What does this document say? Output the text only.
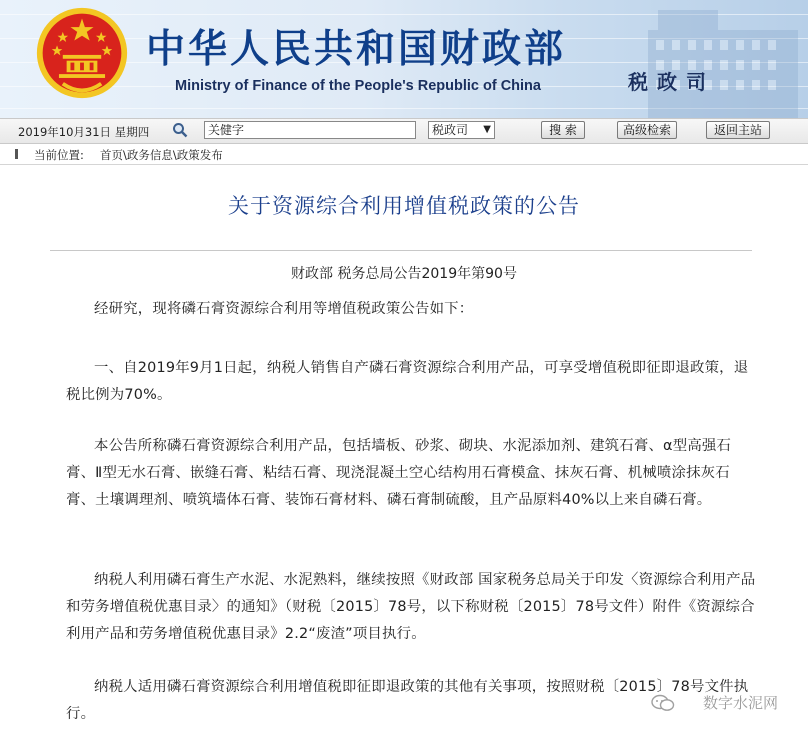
中华人民共和国财政部
Ministry of Finance of the People's Republic of China	税政司
2019年10月31日 星期四	关健字	税政司 ▼	搜 索	高级检索	返回主站
当前位置: 首页\政务信息\政策发布
关于资源综合利用增值税政策的公告
财政部 税务总局公告2019年第90号

经研究，现将磷石膏资源综合利用等增值税政策公告如下：

一、自2019年9月1日起，纳税人销售自产磷石膏资源综合利用产品，可享受增值税即征即退政策，退税比例为70%。

本公告所称磷石膏资源综合利用产品，包括墙板、砂浆、砌块、水泥添加剂、建筑石膏、α型高强石膏、Ⅱ型无水石膏、嵌缝石膏、粘结石膏、现浇混凝土空心结构用石膏模盒、抹灰石膏、机械喷涂抹灰石膏、土壤调理剂、喷筑墙体石膏、装饰石膏材料、磷石膏制硫酸，且产品原料40%以上来自磷石膏。

纳税人利用磷石膏生产水泥、水泥熟料，继续按照《财政部 国家税务总局关于印发〈资源综合利用产品和劳务增值税优惠目录〉的通知》（财税〔2015〕78号，以下称财税〔2015〕78号文件）附件《资源综合利用产品和劳务增值税优惠目录》2.2“废渣”项目执行。

纳税人适用磷石膏资源综合利用增值税即征即退政策的其他有关事项，按照财税〔2015〕78号文件执行。

数字水泥网
